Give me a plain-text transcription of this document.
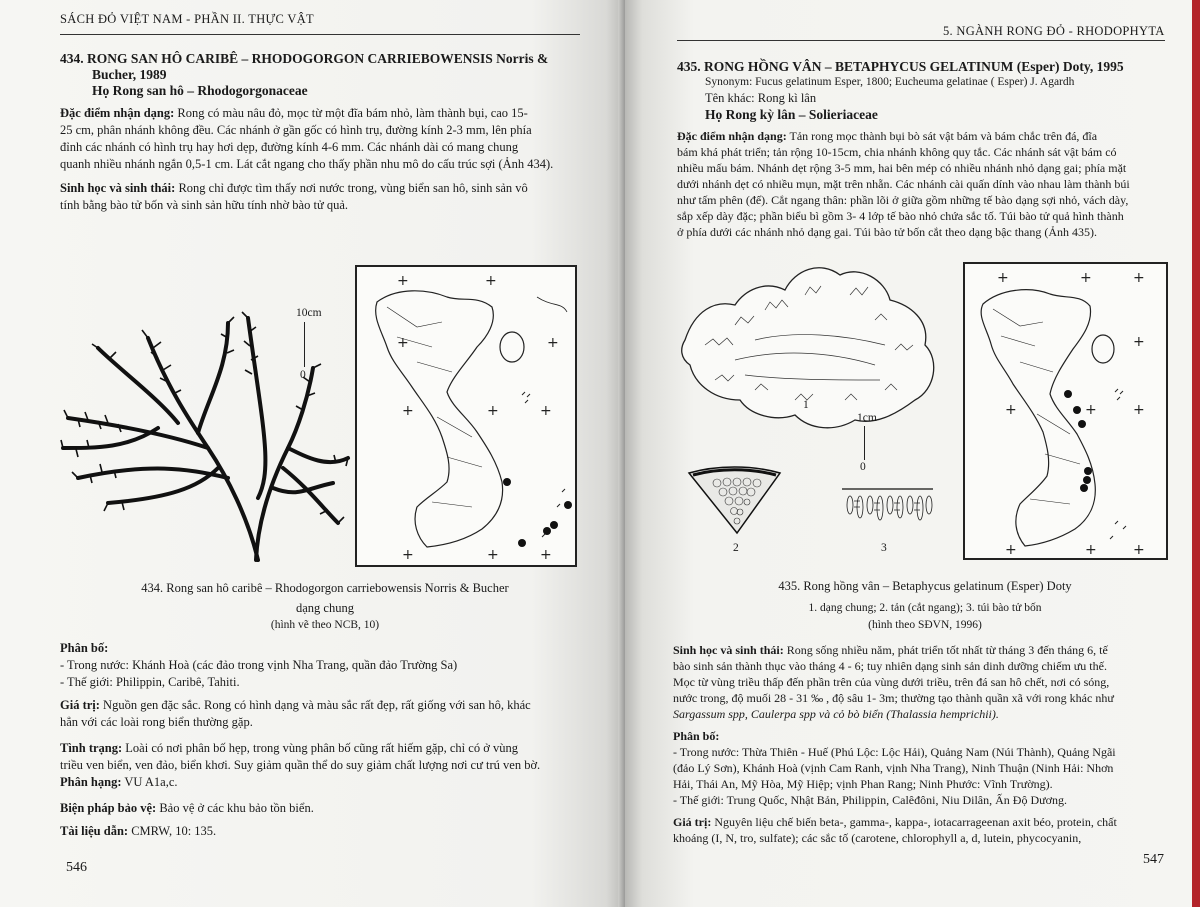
SÁCH ĐỎ VIỆT NAM - PHẦN II. THỰC VẬT
434. RONG SAN HÔ CARIBÊ – RHODOGORGON CARRIEBOWENSIS Norris &
Bucher, 1989
Họ Rong san hô – Rhodogorgonaceae
Đặc điểm nhận dạng: Rong có màu nâu đỏ, mọc từ một đĩa bám nhỏ, làm thành bụi, cao 15-
25 cm, phân nhánh không đều. Các nhánh ở gần gốc có hình trụ, đường kính 2-3 mm, lên phía
đỉnh các nhánh có hình trụ hay hơi dẹp, đường kính 4-6 mm. Các nhánh dài có mang chung
quanh nhiều nhánh ngắn 0,5-1 cm. Lát cắt ngang cho thấy phần nhu mô do cấu trúc sợi (Ảnh 434).
Sinh học và sinh thái: Rong chỉ được tìm thấy nơi nước trong, vùng biển san hô, sinh sản vô
tính bằng bào tử bốn và sinh sản hữu tính nhờ bào tử quả.
10cm
0
+	+
+	+	+
+	+	+
+	+
434. Rong san hô caribê – Rhodogorgon carriebowensis Norris & Bucher
dạng chung
(hình vẽ theo NCB, 10)
Phân bố:
- Trong nước: Khánh Hoà (các đảo trong vịnh Nha Trang, quần đảo Trường Sa)
- Thế giới: Philippin, Caribê, Tahiti.
Giá trị: Nguồn gen đặc sắc. Rong có hình dạng và màu sắc rất đẹp, rất giống với san hô, khác
hẳn với các loài rong biển thường gặp.
Tình trạng: Loài có nơi phân bố hẹp, trong vùng phân bố cũng rất hiếm gặp, chỉ có ở vùng
triều ven biển, ven đảo, biển khơi. Suy giảm quần thể do suy giảm chất lượng nơi cư trú ven bờ.
Phân hạng: VU A1a,c.
Biện pháp bảo vệ: Bảo vệ ở các khu bảo tồn biển.
Tài liệu dẫn: CMRW, 10: 135.
546
5. NGÀNH RONG ĐỎ - RHODOPHYTA
435. RONG HỒNG VÂN – BETAPHYCUS GELATINUM (Esper) Doty, 1995
Synonym: Fucus gelatinum Esper, 1800; Eucheuma gelatinae ( Esper) J. Agardh
Tên khác: Rong kì lân
Họ Rong kỳ lân – Solieriaceae
Đặc điểm nhận dạng: Tản rong mọc thành bụi bò sát vật bám và bám chắc trên đá, đĩa
bám khá phát triển; tản rộng 10-15cm, chia nhánh không quy tắc. Các nhánh sát vật bám có
nhiều mấu bám. Nhánh dẹt rộng 3-5 mm, hai bên mép có nhiều nhánh nhỏ dạng gai; phía mặt
dưới nhánh dẹt có nhiều mụn, mặt trên nhẵn. Các nhánh cài quấn dính vào nhau làm thành búi
như tấm phên (đế). Cắt ngang thân: phần lõi ở giữa gồm những tế bào dạng sợi nhỏ, vách dày,
sắp xếp dày đặc; phần biểu bì gồm 3- 4 lớp tế bào nhỏ chứa sắc tố. Túi bào tử quả hình thành
ở phía dưới các nhánh nhỏ dạng gai. Túi bào tử bốn cắt theo dạng bậc thang (Ảnh 435).
1
1cm
0
2	3
+	+	+
+	+	+
+	+	+
+
435. Rong hồng vân – Betaphycus gelatinum (Esper) Doty
1. dạng chung; 2. tản (cắt ngang); 3. túi bào tử bốn
(hình theo SĐVN, 1996)
Sinh học và sinh thái: Rong sống nhiều năm, phát triển tốt nhất từ tháng 3 đến tháng 6, tế
bào sinh sản thành thục vào tháng 4 - 6; tuy nhiên dạng sinh sản dinh dưỡng chiếm ưu thế.
Mọc từ vùng triều thấp đến phần trên của vùng dưới triều, trên đá san hô chết, nơi có sóng,
nước trong, độ muối 28 - 31 ‰ , độ sâu 1- 3m; thường tạo thành quần xã với rong khác như
Sargassum spp, Caulerpa spp và cỏ bò biển (Thalassia hemprichii).
Phân bố:
- Trong nước: Thừa Thiên - Huế (Phú Lộc: Lộc Hải), Quảng Nam (Núi Thành), Quảng Ngãi
(đảo Lý Sơn), Khánh Hoà (vịnh Cam Ranh, vịnh Nha Trang), Ninh Thuận (Ninh Hải: Nhơn
Hải, Thái An, Mỹ Hòa, Mỹ Hiệp; vịnh Phan Rang; Ninh Phước: Vĩnh Trường).
- Thế giới: Trung Quốc, Nhật Bản, Philippin, Calêđôni, Niu Dilân, Ấn Độ Dương.
Giá trị: Nguyên liệu chế biến beta-, gamma-, kappa-, iotacarrageenan axit béo, protein, chất
khoáng (I, N, tro, sulfate); các sắc tố (carotene, chlorophyll a, d, lutein, phycocyanin,
547
